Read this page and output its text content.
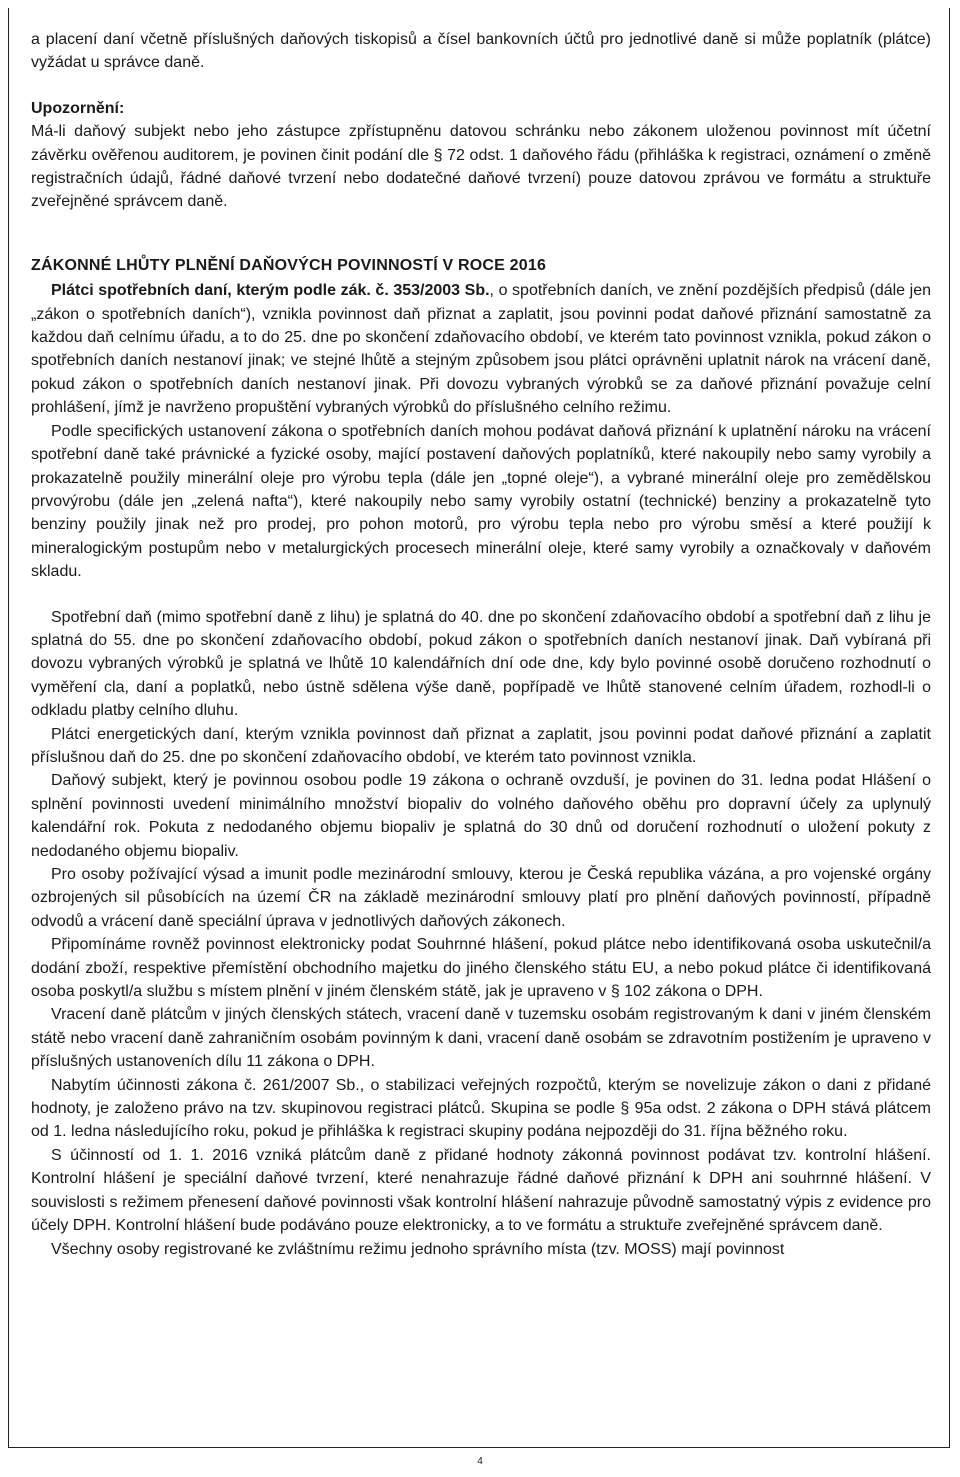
a placení daní včetně příslušných daňových tiskopisů a čísel bankovních účtů pro jednotlivé daně si může poplatník (plátce) vyžádat u správce daně.

Upozornění:

Má-li daňový subjekt nebo jeho zástupce zpřístupněnu datovou schránku nebo zákonem uloženou povinnost mít účetní závěrku ověřenou auditorem, je povinen činit podání dle § 72 odst. 1 daňového řádu (přihláška k registraci, oznámení o změně registračních údajů, řádné daňové tvrzení nebo dodatečné daňové tvrzení) pouze datovou zprávou ve formátu a struktuře zveřejněné správcem daně.

ZÁKONNÉ LHŮTY PLNĚNÍ DAŇOVÝCH POVINNOSTÍ V ROCE 2016

Plátci spotřebních daní, kterým podle zák. č. 353/2003 Sb., o spotřebních daních, ve znění pozdějších předpisů (dále jen „zákon o spotřebních daních“), vznikla povinnost daň přiznat a zaplatit, jsou povinni podat daňové přiznání samostatně za každou daň celnímu úřadu, a to do 25. dne po skončení zdaňovacího období, ve kterém tato povinnost vznikla, pokud zákon o spotřebních daních nestanoví jinak; ve stejné lhůtě a stejným způsobem jsou plátci oprávněni uplatnit nárok na vrácení daně, pokud zákon o spotřebních daních nestanoví jinak. Při dovozu vybraných výrobků se za daňové přiznání považuje celní prohlášení, jímž je navrženo propuštění vybraných výrobků do příslušného celního režimu.

Podle specifických ustanovení zákona o spotřebních daních mohou podávat daňová přiznání k uplatnění nároku na vrácení spotřební daně také právnické a fyzické osoby, mající postavení daňových poplatníků, které nakoupily nebo samy vyrobily a prokazatelně použily minerální oleje pro výrobu tepla (dále jen „topné oleje“), a vybrané minerální oleje pro zemědělskou prvovýrobu (dále jen „zelená nafta“), které nakoupily nebo samy vyrobily ostatní (technické) benziny a prokazatelně tyto benziny použily jinak než pro prodej, pro pohon motorů, pro výrobu tepla nebo pro výrobu směsí a které použijí k mineralogickým postupům nebo v metalurgických procesech minerální oleje, které samy vyrobily a označkovaly v daňovém skladu.

Spotřební daň (mimo spotřební daně z lihu) je splatná do 40. dne po skončení zdaňovacího období a spotřební daň z lihu je splatná do 55. dne po skončení zdaňovacího období, pokud zákon o spotřebních daních nestanoví jinak. Daň vybíraná při dovozu vybraných výrobků je splatná ve lhůtě 10 kalendářních dní ode dne, kdy bylo povinné osobě doručeno rozhodnutí o vyměření cla, daní a poplatků, nebo ústně sdělena výše daně, popřípadě ve lhůtě stanovené celním úřadem, rozhodl-li o odkladu platby celního dluhu.

Plátci energetických daní, kterým vznikla povinnost daň přiznat a zaplatit, jsou povinni podat daňové přiznání a zaplatit příslušnou daň do 25. dne po skončení zdaňovacího období, ve kterém tato povinnost vznikla.

Daňový subjekt, který je povinnou osobou podle 19 zákona o ochraně ovzduší, je povinen do 31. ledna podat Hlášení o splnění povinnosti uvedení minimálního množství biopaliv do volného daňového oběhu pro dopravní účely za uplynulý kalendářní rok. Pokuta z nedodaného objemu biopaliv je splatná do 30 dnů od doručení rozhodnutí o uložení pokuty z nedodaného objemu biopaliv.

Pro osoby požívající výsad a imunit podle mezinárodní smlouvy, kterou je Česká republika vázána, a pro vojenské orgány ozbrojených sil působících na území ČR na základě mezinárodní smlouvy platí pro plnění daňových povinností, případně odvodů a vrácení daně speciální úprava v jednotlivých daňových zákonech.

Připomínáme rovněž povinnost elektronicky podat Souhrnné hlášení, pokud plátce nebo identifikovaná osoba uskutečnil/a dodání zboží, respektive přemístění obchodního majetku do jiného členského státu EU, a nebo pokud plátce či identifikovaná osoba poskytl/a službu s místem plnění v jiném členském státě, jak je upraveno v § 102 zákona o DPH.

Vracení daně plátcům v jiných členských státech, vracení daně v tuzemsku osobám registrovaným k dani v jiném členském státě nebo vracení daně zahraničním osobám povinným k dani, vracení daně osobám se zdravotním postižením je upraveno v příslušných ustanoveních dílu 11 zákona o DPH.

Nabytím účinnosti zákona č. 261/2007 Sb., o stabilizaci veřejných rozpočtů, kterým se novelizuje zákon o dani z přidané hodnoty, je založeno právo na tzv. skupinovou registraci plátců. Skupina se podle § 95a odst. 2 zákona o DPH stává plátcem od 1. ledna následujícího roku, pokud je přihláška k registraci skupiny podána nejpozději do 31. října běžného roku.

S účinností od 1. 1. 2016 vzniká plátcům daně z přidané hodnoty zákonná povinnost podávat tzv. kontrolní hlášení. Kontrolní hlášení je speciální daňové tvrzení, které nenahrazuje řádné daňové přiznání k DPH ani souhrnné hlášení. V souvislosti s režimem přenesení daňové povinnosti však kontrolní hlášení nahrazuje původně samostatný výpis z evidence pro účely DPH. Kontrolní hlášení bude podáváno pouze elektronicky, a to ve formátu a struktuře zveřejněné správcem daně.

Všechny osoby registrované ke zvláštnímu režimu jednoho správního místa (tzv. MOSS) mají povinnost

4
